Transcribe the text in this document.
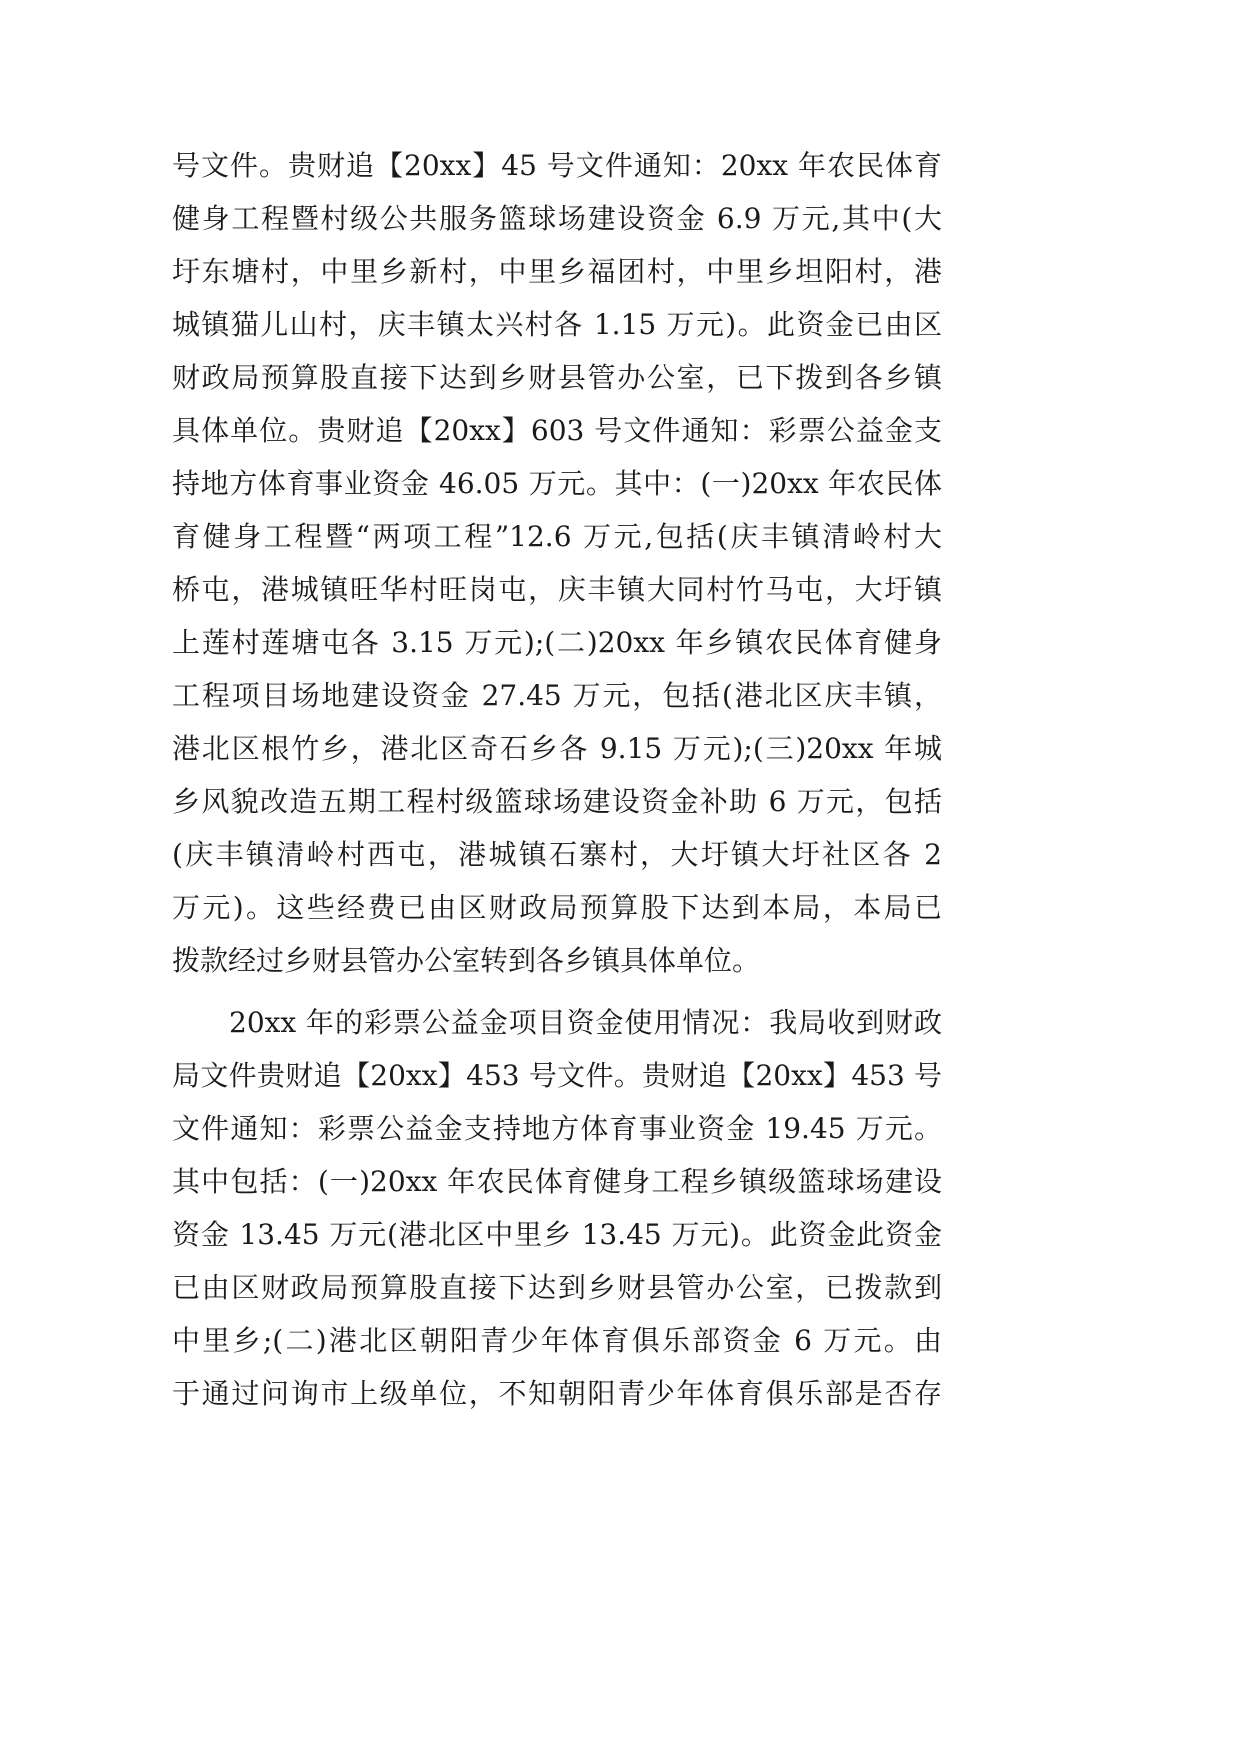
号文件。贵财追【20xx】45 号文件通知：20xx 年农民体育
健身工程暨村级公共服务篮球场建设资金 6.9 万元,其中(大
圩东塘村，中里乡新村，中里乡福团村，中里乡坦阳村，港
城镇猫儿山村，庆丰镇太兴村各 1.15 万元)。此资金已由区
财政局预算股直接下达到乡财县管办公室，已下拨到各乡镇
具体单位。贵财追【20xx】603 号文件通知：彩票公益金支
持地方体育事业资金 46.05 万元。其中：(一)20xx 年农民体
育健身工程暨“两项工程”12.6 万元,包括(庆丰镇清岭村大
桥屯，港城镇旺华村旺岗屯，庆丰镇大同村竹马屯，大圩镇
上莲村莲塘屯各 3.15 万元);(二)20xx 年乡镇农民体育健身
工程项目场地建设资金 27.45 万元，包括(港北区庆丰镇，
港北区根竹乡，港北区奇石乡各 9.15 万元);(三)20xx 年城
乡风貌改造五期工程村级篮球场建设资金补助 6 万元，包括
(庆丰镇清岭村西屯，港城镇石寨村，大圩镇大圩社区各 2
万元)。这些经费已由区财政局预算股下达到本局，本局已
拨款经过乡财县管办公室转到各乡镇具体单位。
20xx 年的彩票公益金项目资金使用情况：我局收到财政
局文件贵财追【20xx】453 号文件。贵财追【20xx】453 号
文件通知：彩票公益金支持地方体育事业资金 19.45 万元。
其中包括：(一)20xx 年农民体育健身工程乡镇级篮球场建设
资金 13.45 万元(港北区中里乡 13.45 万元)。此资金此资金
已由区财政局预算股直接下达到乡财县管办公室，已拨款到
中里乡;(二)港北区朝阳青少年体育俱乐部资金 6 万元。由
于通过问询市上级单位，不知朝阳青少年体育俱乐部是否存
